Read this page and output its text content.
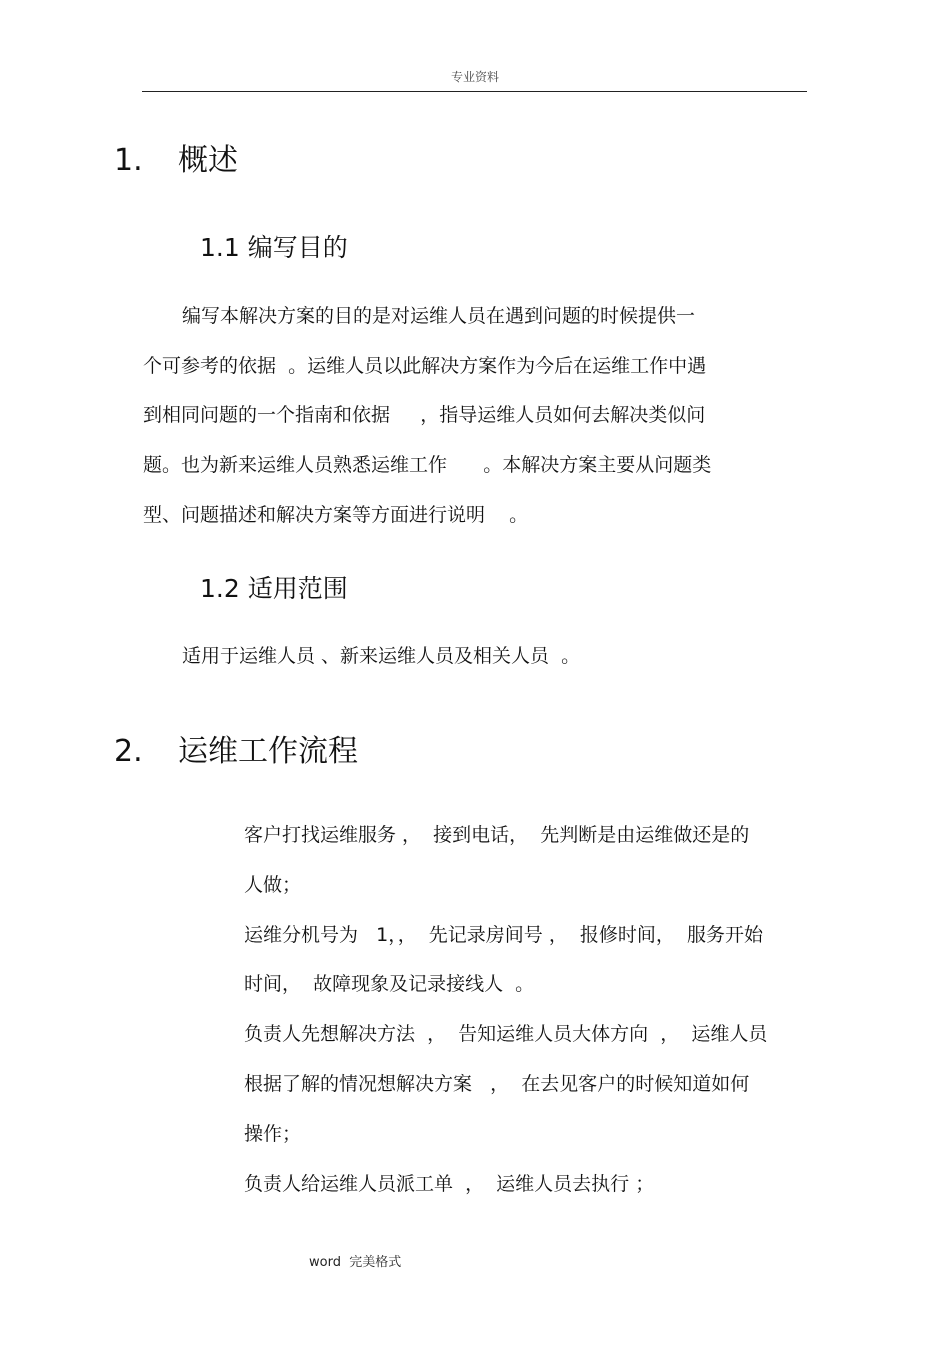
专业资料
1. 概述
1.1 编写目的
编写本解决方案的目的是对运维人员在遇到问题的时候提供一
个可参考的依据  。运维人员以此解决方案作为今后在运维工作中遇
到相同问题的一个指南和依据     ，指导运维人员如何去解决类似问
题。也为新来运维人员熟悉运维工作      。本解决方案主要从问题类
型、问题描述和解决方案等方面进行说明    。
1.2 适用范围
适用于运维人员 、新来运维人员及相关人员  。
2. 运维工作流程
客户打找运维服务 ，  接到电话，  先判断是由运维做还是的
人做；
运维分机号为   1，，  先记录房间号 ，  报修时间，  服务开始
时间，  故障现象及记录接线人  。
负责人先想解决方法  ，  告知运维人员大体方向  ，  运维人员
根据了解的情况想解决方案   ，  在去见客户的时候知道如何
操作；
负责人给运维人员派工单  ，  运维人员去执行 ；
word  完美格式
